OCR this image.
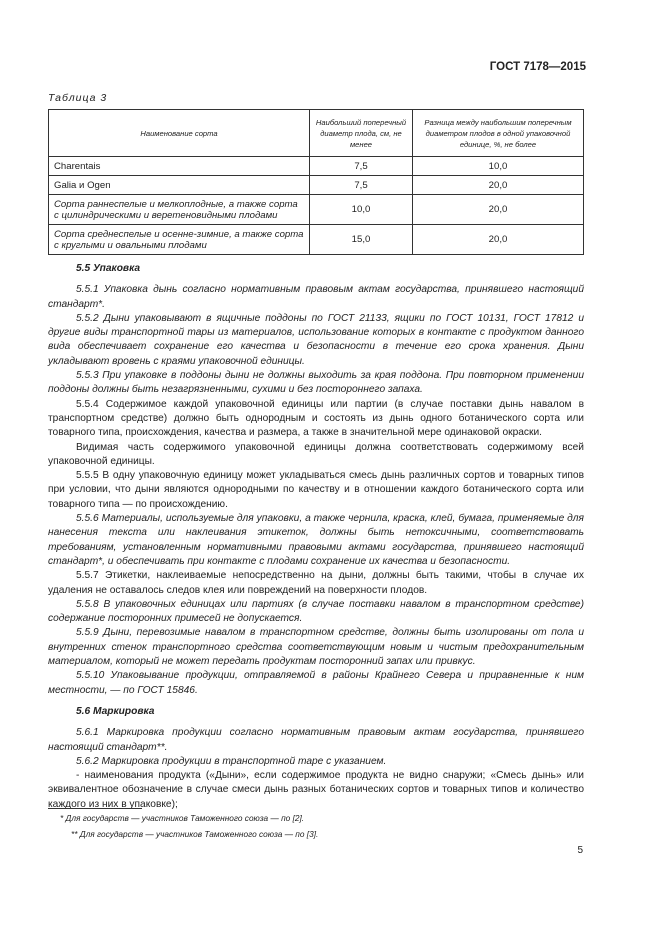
ГОСТ 7178—2015
Таблица 3
Наименование сорта	Наибольший поперечный диаметр плода, см, не менее	Разница между наибольшим поперечным диаметром плодов в одной упаковочной единице, %, не более
Charentais	7,5	10,0
Galia и Ogen	7,5	20,0
Сорта раннеспелые и мелкоплодные, а также сорта с цилиндрическими и веретеновидными плодами	10,0	20,0
Сорта среднеспелые и осенне-зимние, а также сорта с круглыми и овальными плодами	15,0	20,0

5.5 Упаковка

5.5.1 Упаковка дынь согласно нормативным правовым актам государства, принявшего настоящий стандарт*.

5.5.2 Дыни упаковывают в ящичные поддоны по ГОСТ 21133, ящики по ГОСТ 10131, ГОСТ 17812 и другие виды транспортной тары из материалов, использование которых в контакте с продуктом данного вида обеспечивает сохранение его качества и безопасности в течение его срока хранения. Дыни укладывают вровень с краями упаковочной единицы.

5.5.3 При упаковке в поддоны дыни не должны выходить за края поддона. При повторном применении поддоны должны быть незагрязненными, сухими и без постороннего запаха.

5.5.4 Содержимое каждой упаковочной единицы или партии (в случае поставки дынь навалом в транспортном средстве) должно быть однородным и состоять из дынь одного ботанического сорта или товарного типа, происхождения, качества и размера, а также в значительной мере одинаковой окраски.

Видимая часть содержимого упаковочной единицы должна соответствовать содержимому всей упаковочной единицы.

5.5.5 В одну упаковочную единицу может укладываться смесь дынь различных сортов и товарных типов при условии, что дыни являются однородными по качеству и в отношении каждого ботанического сорта или товарного типа — по происхождению.

5.5.6 Материалы, используемые для упаковки, а также чернила, краска, клей, бумага, применяемые для нанесения текста или наклеивания этикеток, должны быть нетоксичными, соответствовать требованиям, установленным нормативными правовыми актами государства, принявшего настоящий стандарт*, и обеспечивать при контакте с плодами сохранение их качества и безопасности.

5.5.7 Этикетки, наклеиваемые непосредственно на дыни, должны быть такими, чтобы в случае их удаления не оставалось следов клея или повреждений на поверхности плодов.

5.5.8 В упаковочных единицах или партиях (в случае поставки навалом в транспортном средстве) содержание посторонних примесей не допускается.

5.5.9 Дыни, перевозимые навалом в транспортном средстве, должны быть изолированы от пола и внутренних стенок транспортного средства соответствующим новым и чистым предохранительным материалом, который не может передать продуктам посторонний запах или привкус.

5.5.10 Упаковывание продукции, отправляемой в районы Крайнего Севера и приравненные к ним местности, — по ГОСТ 15846.

5.6 Маркировка

5.6.1 Маркировка продукции согласно нормативным правовым актам государства, принявшего настоящий стандарт**.

5.6.2 Маркировка продукции в транспортной таре с указанием.

- наименования продукта («Дыни», если содержимое продукта не видно снаружи; «Смесь дынь» или эквивалентное обозначение в случае смеси дынь разных ботанических сортов и товарных типов и количество каждого из них в упаковке);

* Для государств — участников Таможенного союза — по [2].
** Для государств — участников Таможенного союза — по [3].
5
